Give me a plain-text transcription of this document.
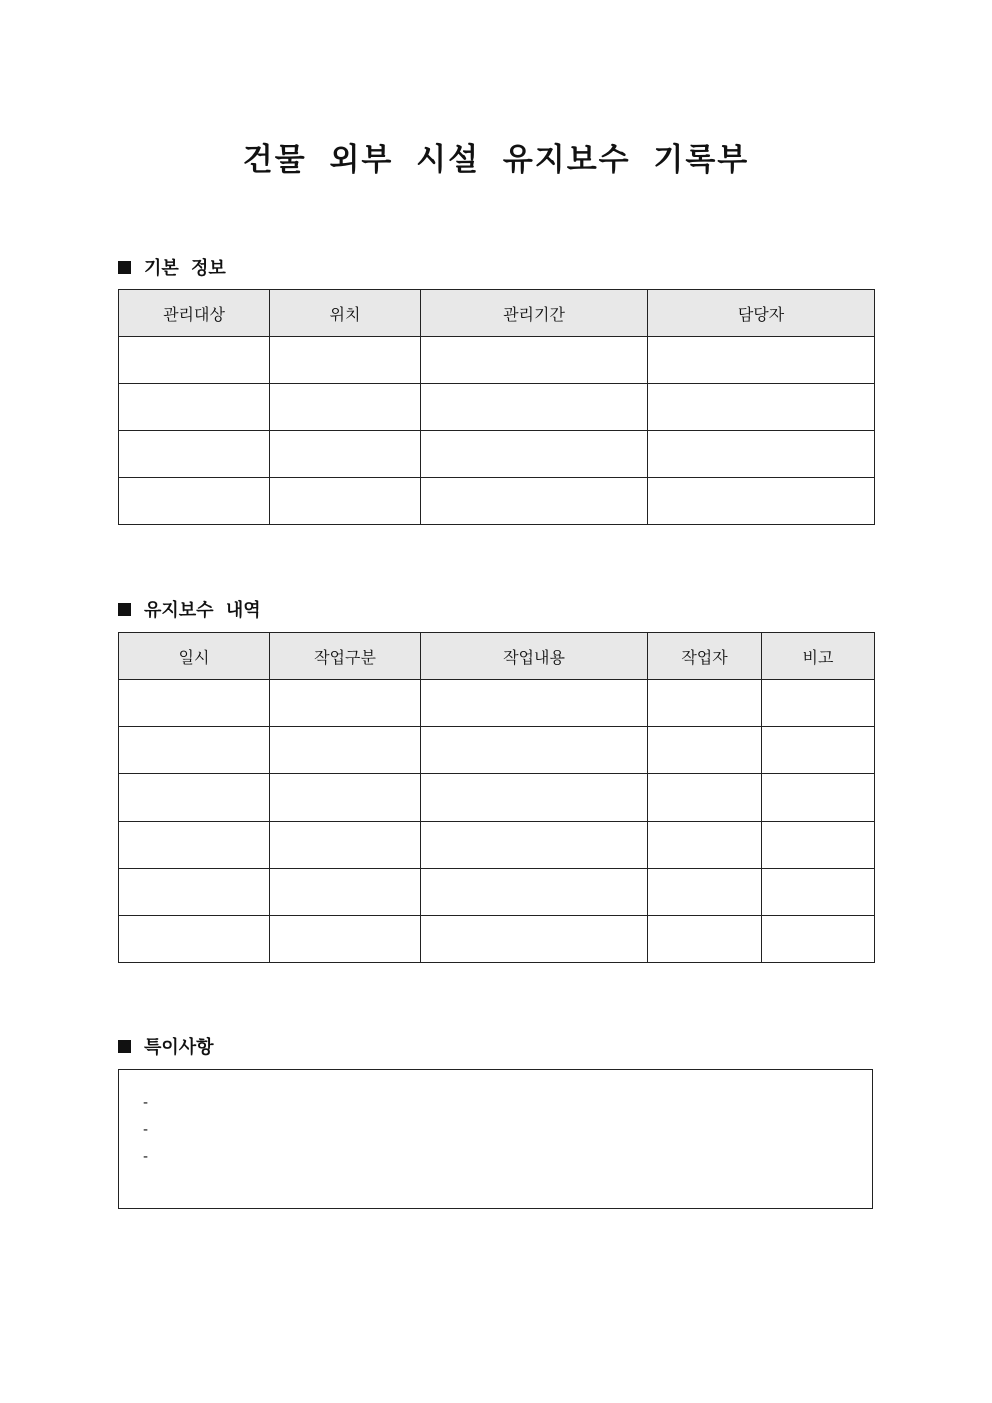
건물 외부 시설 유지보수 기록부
기본 정보
관리대상	위치	관리기간	담당자

유지보수 내역
일시	작업구분	작업내용	작업자	비고

특이사항
-
-
-
